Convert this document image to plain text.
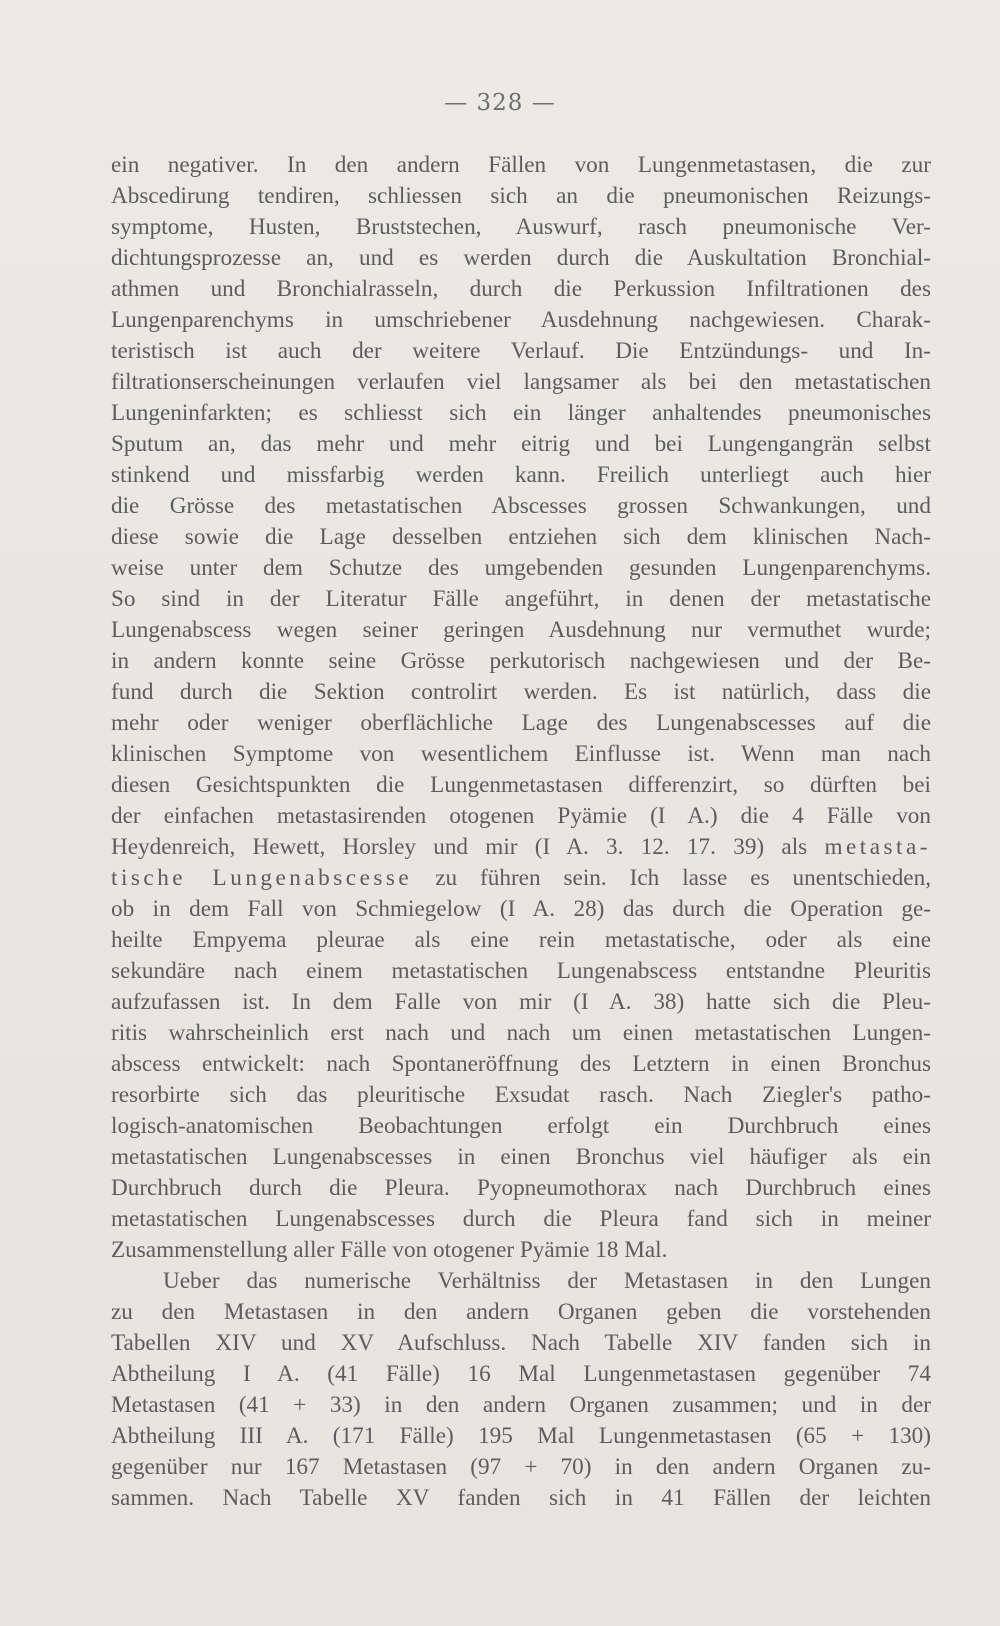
— 328 —
ein negativer. In den andern Fällen von Lungenmetastasen, die zur
Abscedirung tendiren, schliessen sich an die pneumonischen Reizungs-
symptome, Husten, Bruststechen, Auswurf, rasch pneumonische Ver-
dichtungsprozesse an, und es werden durch die Auskultation Bronchial-
athmen und Bronchialrasseln, durch die Perkussion Infiltrationen des
Lungenparenchyms in umschriebener Ausdehnung nachgewiesen. Charak-
teristisch ist auch der weitere Verlauf. Die Entzündungs- und In-
filtrationserscheinungen verlaufen viel langsamer als bei den metastatischen
Lungeninfarkten; es schliesst sich ein länger anhaltendes pneumonisches
Sputum an, das mehr und mehr eitrig und bei Lungengangrän selbst
stinkend und missfarbig werden kann. Freilich unterliegt auch hier
die Grösse des metastatischen Abscesses grossen Schwankungen, und
diese sowie die Lage desselben entziehen sich dem klinischen Nach-
weise unter dem Schutze des umgebenden gesunden Lungenparenchyms.
So sind in der Literatur Fälle angeführt, in denen der metastatische
Lungenabscess wegen seiner geringen Ausdehnung nur vermuthet wurde;
in andern konnte seine Grösse perkutorisch nachgewiesen und der Be-
fund durch die Sektion controlirt werden. Es ist natürlich, dass die
mehr oder weniger oberflächliche Lage des Lungenabscesses auf die
klinischen Symptome von wesentlichem Einflusse ist. Wenn man nach
diesen Gesichtspunkten die Lungenmetastasen differenzirt, so dürften bei
der einfachen metastasirenden otogenen Pyämie (I A.) die 4 Fälle von
Heydenreich, Hewett, Horsley und mir (I A. 3. 12. 17. 39) als metasta-
tische Lungenabscesse zu führen sein. Ich lasse es unentschieden,
ob in dem Fall von Schmiegelow (I A. 28) das durch die Operation ge-
heilte Empyema pleurae als eine rein metastatische, oder als eine
sekundäre nach einem metastatischen Lungenabscess entstandne Pleuritis
aufzufassen ist. In dem Falle von mir (I A. 38) hatte sich die Pleu-
ritis wahrscheinlich erst nach und nach um einen metastatischen Lungen-
abscess entwickelt: nach Spontaneröffnung des Letztern in einen Bronchus
resorbirte sich das pleuritische Exsudat rasch. Nach Ziegler's patho-
logisch-anatomischen Beobachtungen erfolgt ein Durchbruch eines
metastatischen Lungenabscesses in einen Bronchus viel häufiger als ein
Durchbruch durch die Pleura. Pyopneumothorax nach Durchbruch eines
metastatischen Lungenabscesses durch die Pleura fand sich in meiner
Zusammenstellung aller Fälle von otogener Pyämie 18 Mal.
Ueber das numerische Verhältniss der Metastasen in den Lungen
zu den Metastasen in den andern Organen geben die vorstehenden
Tabellen XIV und XV Aufschluss. Nach Tabelle XIV fanden sich in
Abtheilung I A. (41 Fälle) 16 Mal Lungenmetastasen gegenüber 74
Metastasen (41 + 33) in den andern Organen zusammen; und in der
Abtheilung III A. (171 Fälle) 195 Mal Lungenmetastasen (65 + 130)
gegenüber nur 167 Metastasen (97 + 70) in den andern Organen zu-
sammen. Nach Tabelle XV fanden sich in 41 Fällen der leichten
